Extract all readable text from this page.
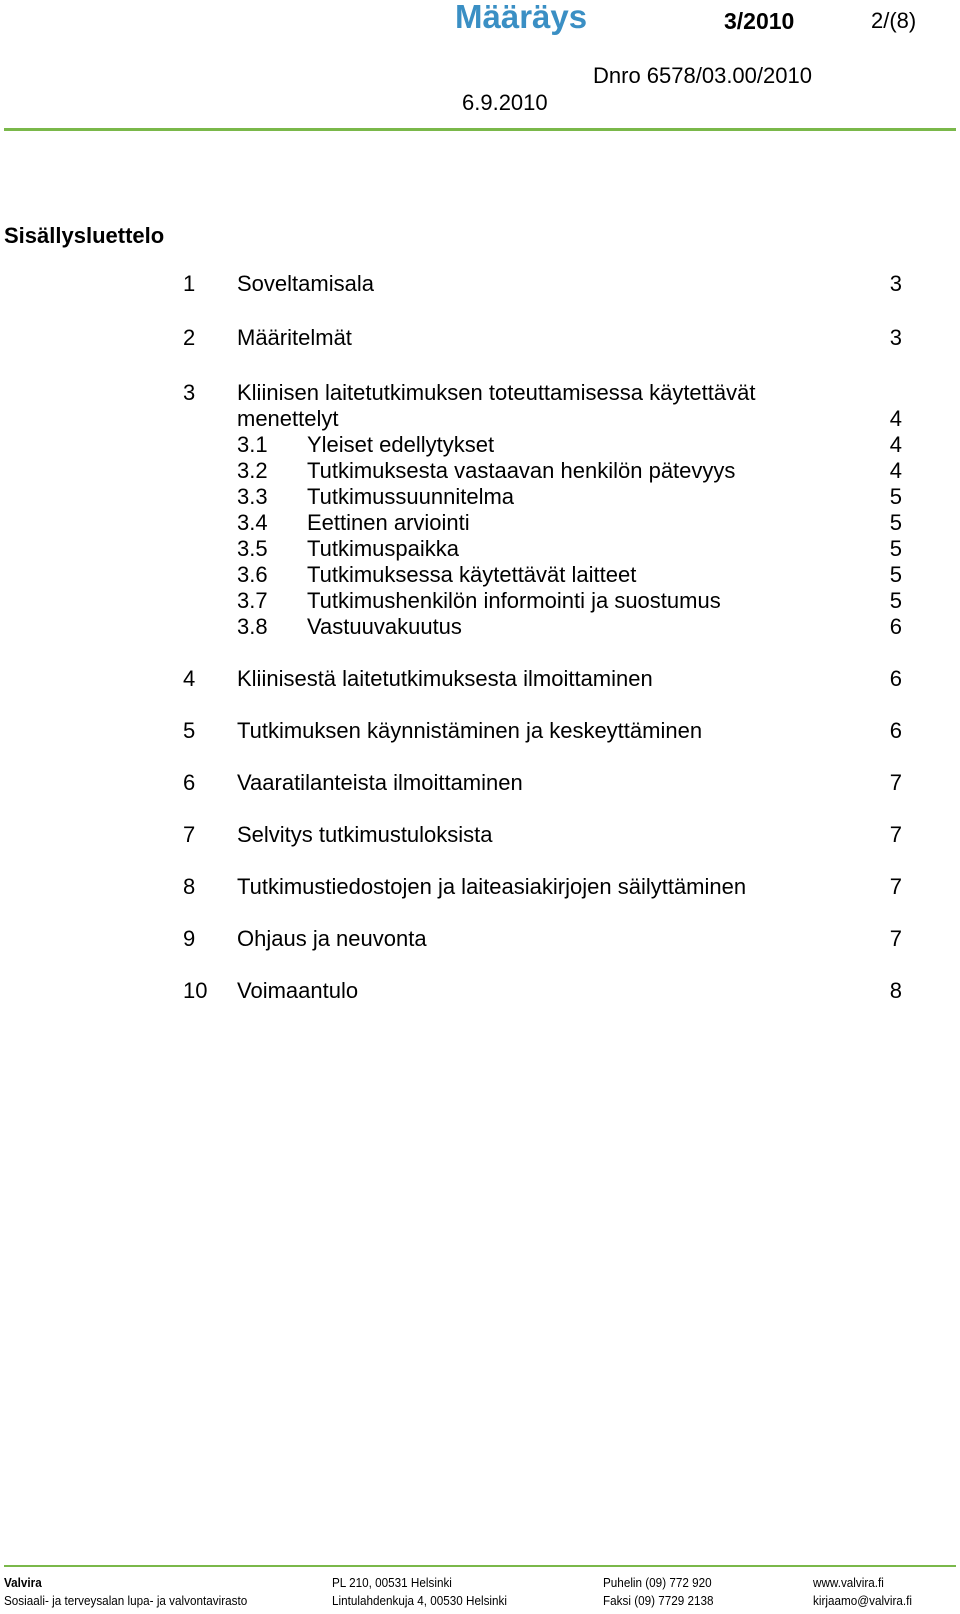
Määräys	3/2010	2/(8)
Dnro 6578/03.00/2010
6.9.2010
Sisällysluettelo
1 Soveltamisala	3
2 Määritelmät	3
3 Kliinisen laitetutkimuksen toteuttamisessa käytettävät
menettelyt	4
3.1 Yleiset edellytykset	4
3.2 Tutkimuksesta vastaavan henkilön pätevyys	4
3.3 Tutkimussuunnitelma	5
3.4 Eettinen arviointi	5
3.5 Tutkimuspaikka	5
3.6 Tutkimuksessa käytettävät laitteet	5
3.7 Tutkimushenkilön informointi ja suostumus	5
3.8 Vastuuvakuutus	6
4 Kliinisestä laitetutkimuksesta ilmoittaminen	6
5 Tutkimuksen käynnistäminen ja keskeyttäminen	6
6 Vaaratilanteista ilmoittaminen	7
7 Selvitys tutkimustuloksista	7
8 Tutkimustiedostojen ja laiteasiakirjojen säilyttäminen	7
9 Ohjaus ja neuvonta	7
10 Voimaantulo	8
Valvira
Sosiaali- ja terveysalan lupa- ja valvontavirasto
PL 210, 00531 Helsinki
Lintulahdenkuja 4, 00530 Helsinki
Puhelin (09) 772 920
Faksi (09) 7729 2138
www.valvira.fi
kirjaamo@valvira.fi
